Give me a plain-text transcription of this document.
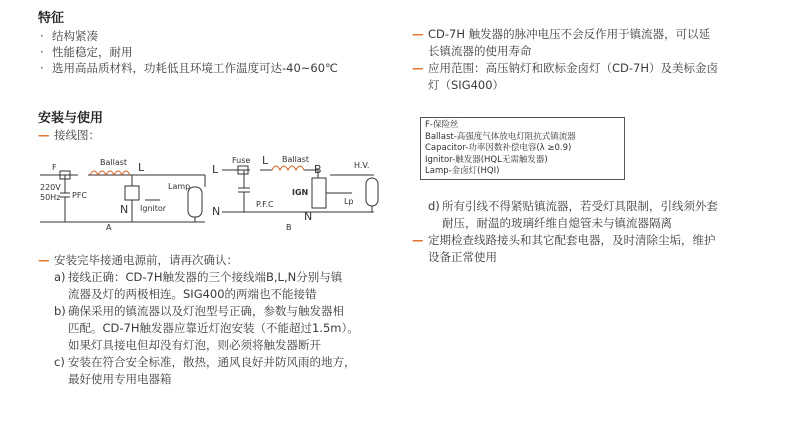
特征

· 结构紧凑

· 性能稳定，耐用

· 选用高品质材料，功耗低且环境工作温度可达-40~60℃

安装与使用

— 接线图：
F
Ballast L
N
220V
50Hz PFC
Ignitor
Lamp
A
L
N
Fuse L Ballast
B
IGN
N
P.F.C
H.V.
Lp
B
— 安装完毕接通电源前，请再次确认：
a) 接线正确：CD-7H触发器的三个接线端B,L,N分别与镇
流器及灯的两极相连。SIG400的两端也不能接错
b) 确保采用的镇流器以及灯泡型号正确，参数与触发器相
匹配。CD-7H触发器应靠近灯泡安装（不能超过1.5m）。
如果灯具接电但却没有灯泡，则必须将触发器断开
c) 安装在符合安全标准，散热，通风良好并防风雨的地方，
最好使用专用电器箱
— CD-7H 触发器的脉冲电压不会反作用于镇流器，可以延
长镇流器的使用寿命
— 应用范围：高压钠灯和欧标金卤灯（CD-7H）及美标金卤
灯（SIG400）
F-保险丝
Ballast-高强度气体放电灯阻抗式镇流器
Capacitor-功率因数补偿电容(λ ≥0.9)
Ignitor-触发器(HQL无需触发器)
Lamp-金卤灯(HQI)
d) 所有引线不得紧贴镇流器，若受灯具限制，引线须外套
耐压，耐温的玻璃纤维自熄管未与镇流器隔离
— 定期检查线路接头和其它配套电器，及时清除尘垢，维护
设备正常使用
